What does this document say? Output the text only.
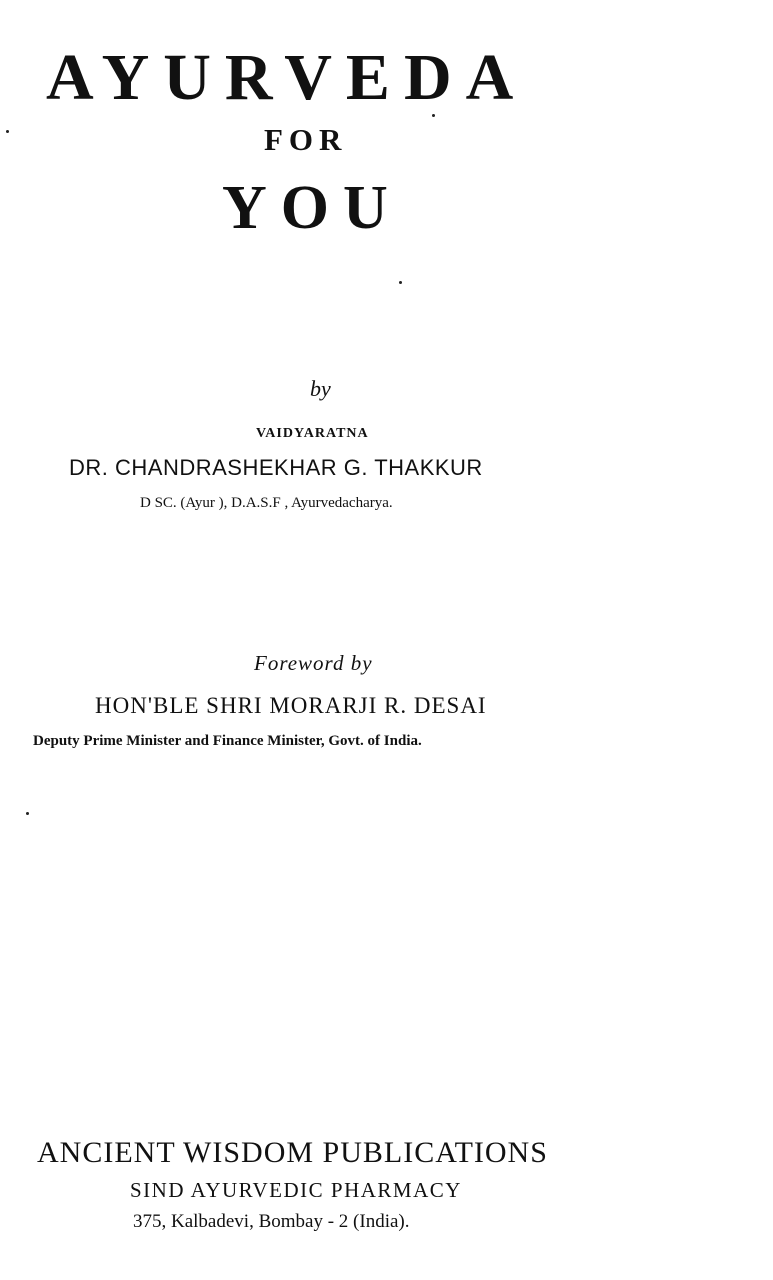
AYURVEDA
FOR
YOU
by
VAIDYARATNA
DR. CHANDRASHEKHAR G. THAKKUR
D SC. (Ayur ), D.A.S.F , Ayurvedacharya.
Foreword by
HON'BLE SHRI MORARJI R. DESAI
Deputy Prime Minister and Finance Minister, Govt. of India.
ANCIENT WISDOM PUBLICATIONS
SIND AYURVEDIC PHARMACY
375, Kalbadevi, Bombay - 2 (India).
